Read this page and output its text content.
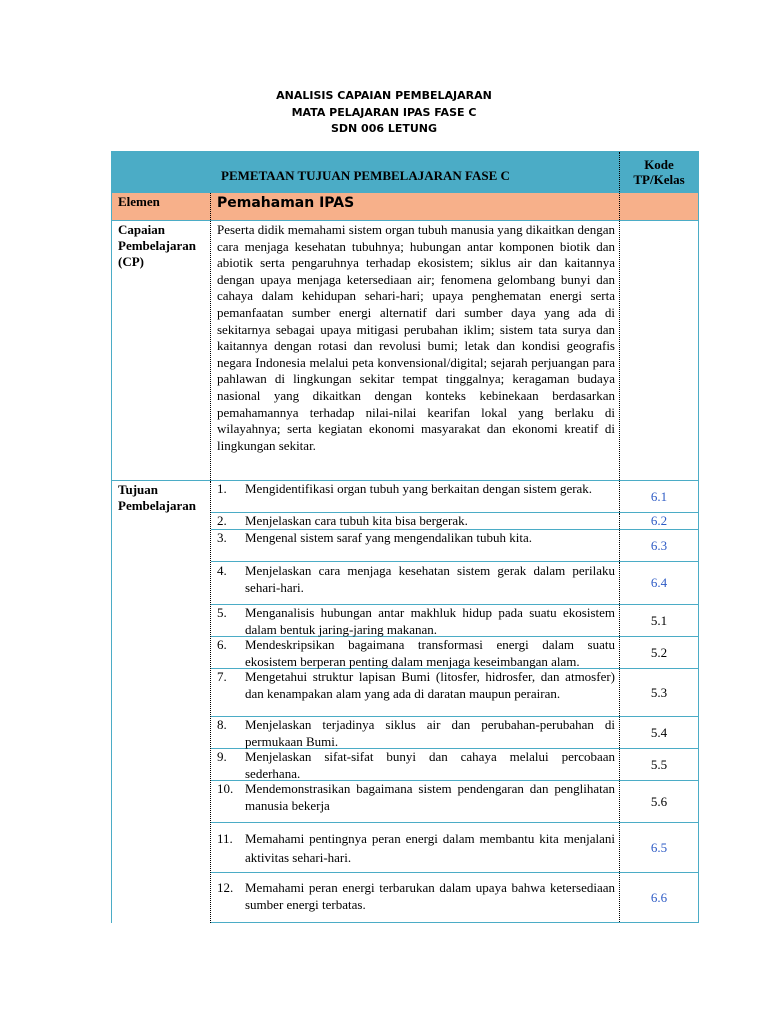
ANALISIS CAPAIAN PEMBELAJARAN
MATA PELAJARAN IPAS FASE C
SDN 006 LETUNG
PEMETAAN TUJUAN PEMBELAJARAN FASE C
Kode
TP/Kelas
Elemen	Pemahaman IPAS
Capaian Pembelajaran (CP)
Peserta didik memahami sistem organ tubuh manusia yang dikaitkan dengan cara menjaga kesehatan tubuhnya; hubungan antar komponen biotik dan abiotik serta pengaruhnya terhadap ekosistem; siklus air dan kaitannya dengan upaya menjaga ketersediaan air; fenomena gelombang bunyi dan cahaya dalam kehidupan sehari-hari; upaya penghematan energi serta pemanfaatan sumber energi alternatif dari sumber daya yang ada di sekitarnya sebagai upaya mitigasi perubahan iklim; sistem tata surya dan kaitannya dengan rotasi dan revolusi bumi; letak dan kondisi geografis negara Indonesia melalui peta konvensional/digital; sejarah perjuangan para pahlawan di lingkungan sekitar tempat tinggalnya; keragaman budaya nasional yang dikaitkan dengan konteks kebinekaan berdasarkan pemahamannya terhadap nilai-nilai kearifan lokal yang berlaku di wilayahnya; serta kegiatan ekonomi masyarakat dan ekonomi kreatif di lingkungan sekitar.
Tujuan Pembelajaran
1.	Mengidentifikasi organ tubuh yang berkaitan dengan sistem gerak.	6.1
2.	Menjelaskan cara tubuh kita bisa bergerak.	6.2
3.	Mengenal sistem saraf yang mengendalikan tubuh kita.	6.3
4.	Menjelaskan cara menjaga kesehatan sistem gerak dalam perilaku sehari-hari.	6.4
5.	Menganalisis hubungan antar makhluk hidup pada suatu ekosistem dalam bentuk jaring-jaring makanan.
5.1
6.	Mendeskripsikan bagaimana transformasi energi dalam suatu ekosistem berperan penting dalam menjaga keseimbangan alam.
5.2
7.	Mengetahui struktur lapisan Bumi (litosfer, hidrosfer, dan atmosfer) dan kenampakan alam yang ada di daratan maupun perairan.	5.3
8.	Menjelaskan terjadinya siklus air dan perubahan-perubahan di permukaan Bumi.
5.4
9.	Menjelaskan sifat-sifat bunyi dan cahaya melalui percobaan sederhana.
5.5
10. Mendemonstrasikan bagaimana sistem pendengaran dan penglihatan manusia bekerja	5.6
11. Memahami pentingnya peran energi dalam membantu kita menjalani aktivitas sehari-hari.
6.5
12. Memahami peran energi terbarukan dalam upaya bahwa ketersediaan sumber energi terbatas.	6.6
